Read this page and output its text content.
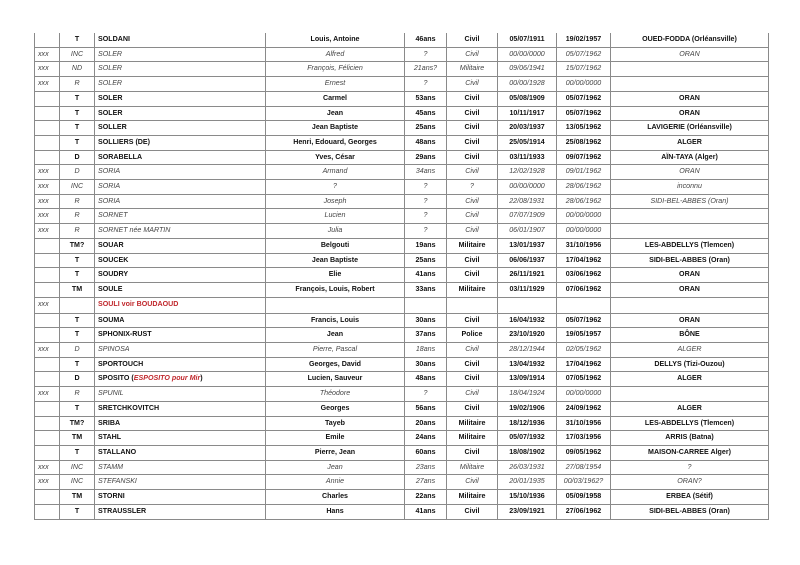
	T	SOLDANI	Louis, Antoine	46ans	Civil	05/07/1911	19/02/1957	OUED-FODDA (Orléansville)
xxx	INC	SOLER	Alfred	?	Civil	00/00/0000	05/07/1962	ORAN
xxx	ND	SOLER	François, Félicien	21ans?	Militaire	09/06/1941	15/07/1962	
xxx	R	SOLER	Ernest	?	Civil	00/00/1928	00/00/0000	
	T	SOLER	Carmel	53ans	Civil	05/08/1909	05/07/1962	ORAN
	T	SOLER	Jean	45ans	Civil	10/11/1917	05/07/1962	ORAN
	T	SOLLER	Jean Baptiste	25ans	Civil	20/03/1937	13/05/1962	LAVIGERIE (Orléansville)
	T	SOLLIERS (DE)	Henri, Edouard, Georges	48ans	Civil	25/05/1914	25/08/1962	ALGER
	D	SORABELLA	Yves, César	29ans	Civil	03/11/1933	09/07/1962	AÏN-TAYA (Alger)
xxx	D	SORIA	Armand	34ans	Civil	12/02/1928	09/01/1962	ORAN
xxx	INC	SORIA	?	?	?	00/00/0000	28/06/1962	inconnu
xxx	R	SORIA	Joseph	?	Civil	22/08/1931	28/06/1962	SIDI-BEL-ABBES (Oran)
xxx	R	SORNET	Lucien	?	Civil	07/07/1909	00/00/0000	
xxx	R	SORNET née MARTIN	Julia	?	Civil	06/01/1907	00/00/0000	
	TM?	SOUAR	Belgouti	19ans	Militaire	13/01/1937	31/10/1956	LES-ABDELLYS (Tlemcen)
	T	SOUCEK	Jean Baptiste	25ans	Civil	06/06/1937	17/04/1962	SIDI-BEL-ABBES (Oran)
	T	SOUDRY	Elie	41ans	Civil	26/11/1921	03/06/1962	ORAN
	TM	SOULE	François, Louis, Robert	33ans	Militaire	03/11/1929	07/06/1962	ORAN
xxx		SOULI voir BOUDAOUD						
	T	SOUMA	Francis, Louis	30ans	Civil	16/04/1932	05/07/1962	ORAN
	T	SPHONIX-RUST	Jean	37ans	Police	23/10/1920	19/05/1957	BÔNE
xxx	D	SPINOSA	Pierre, Pascal	18ans	Civil	28/12/1944	02/05/1962	ALGER
	T	SPORTOUCH	Georges, David	30ans	Civil	13/04/1932	17/04/1962	DELLYS (Tizi-Ouzou)
	D	SPOSITO (ESPOSITO pour Mir)	Lucien, Sauveur	48ans	Civil	13/09/1914	07/05/1962	ALGER
xxx	R	SPUNIL	Théodore	?	Civil	18/04/1924	00/00/0000	
	T	SRETCHKOVITCH	Georges	56ans	Civil	19/02/1906	24/09/1962	ALGER
	TM?	SRIBA	Tayeb	20ans	Militaire	18/12/1936	31/10/1956	LES-ABDELLYS (Tlemcen)
	TM	STAHL	Emile	24ans	Militaire	05/07/1932	17/03/1956	ARRIS (Batna)
	T	STALLANO	Pierre, Jean	60ans	Civil	18/08/1902	09/05/1962	MAISON-CARREE Alger)
xxx	INC	STAMM	Jean	23ans	Militaire	26/03/1931	27/08/1954	?
xxx	INC	STEFANSKI	Annie	27ans	Civil	20/01/1935	00/03/1962?	ORAN?
	TM	STORNI	Charles	22ans	Militaire	15/10/1936	05/09/1958	ERBEA (Sétif)
	T	STRAUSSLER	Hans	41ans	Civil	23/09/1921	27/06/1962	SIDI-BEL-ABBES (Oran)
